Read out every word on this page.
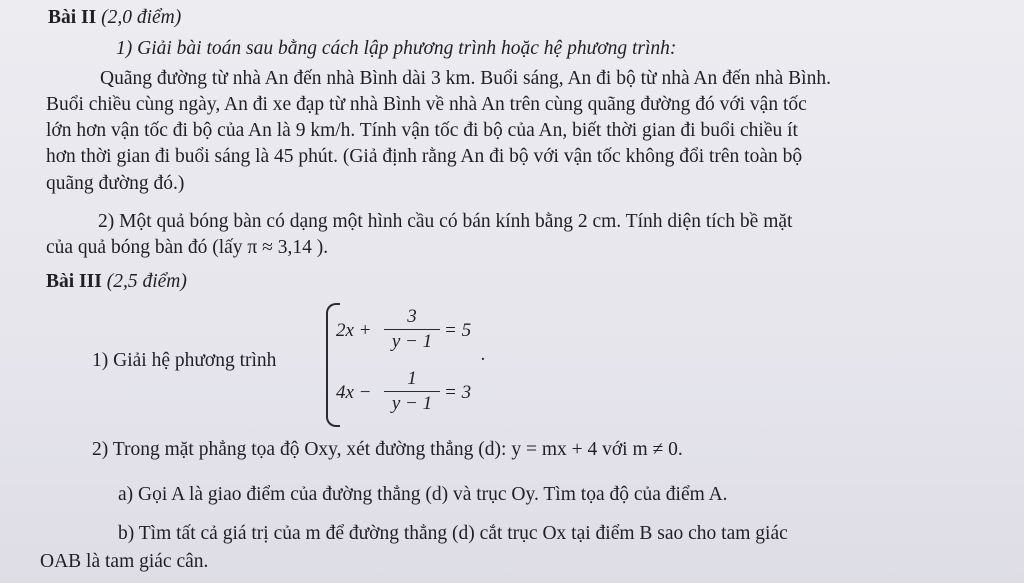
Bài II (2,0 điểm)
1) Giải bài toán sau bằng cách lập phương trình hoặc hệ phương trình:
Quãng đường từ nhà An đến nhà Bình dài 3 km. Buổi sáng, An đi bộ từ nhà An đến nhà Bình.
Buổi chiều cùng ngày, An đi xe đạp từ nhà Bình về nhà An trên cùng quãng đường đó với vận tốc
lớn hơn vận tốc đi bộ của An là 9 km/h. Tính vận tốc đi bộ của An, biết thời gian đi buổi chiều ít
hơn thời gian đi buổi sáng là 45 phút. (Giả định rằng An đi bộ với vận tốc không đổi trên toàn bộ
quãng đường đó.)
2) Một quả bóng bàn có dạng một hình cầu có bán kính bằng 2 cm. Tính diện tích bề mặt
của quả bóng bàn đó (lấy π ≈ 3,14 ).
Bài III (2,5 điểm)
1) Giải hệ phương trình
2x +
3
y − 1
= 5
.
4x −
1
y − 1
= 3
2) Trong mặt phẳng tọa độ Oxy, xét đường thẳng (d): y = mx + 4 với m ≠ 0.
a) Gọi A là giao điểm của đường thẳng (d) và trục Oy. Tìm tọa độ của điểm A.
b) Tìm tất cả giá trị của m để đường thẳng (d) cắt trục Ox tại điểm B sao cho tam giác
OAB là tam giác cân.
